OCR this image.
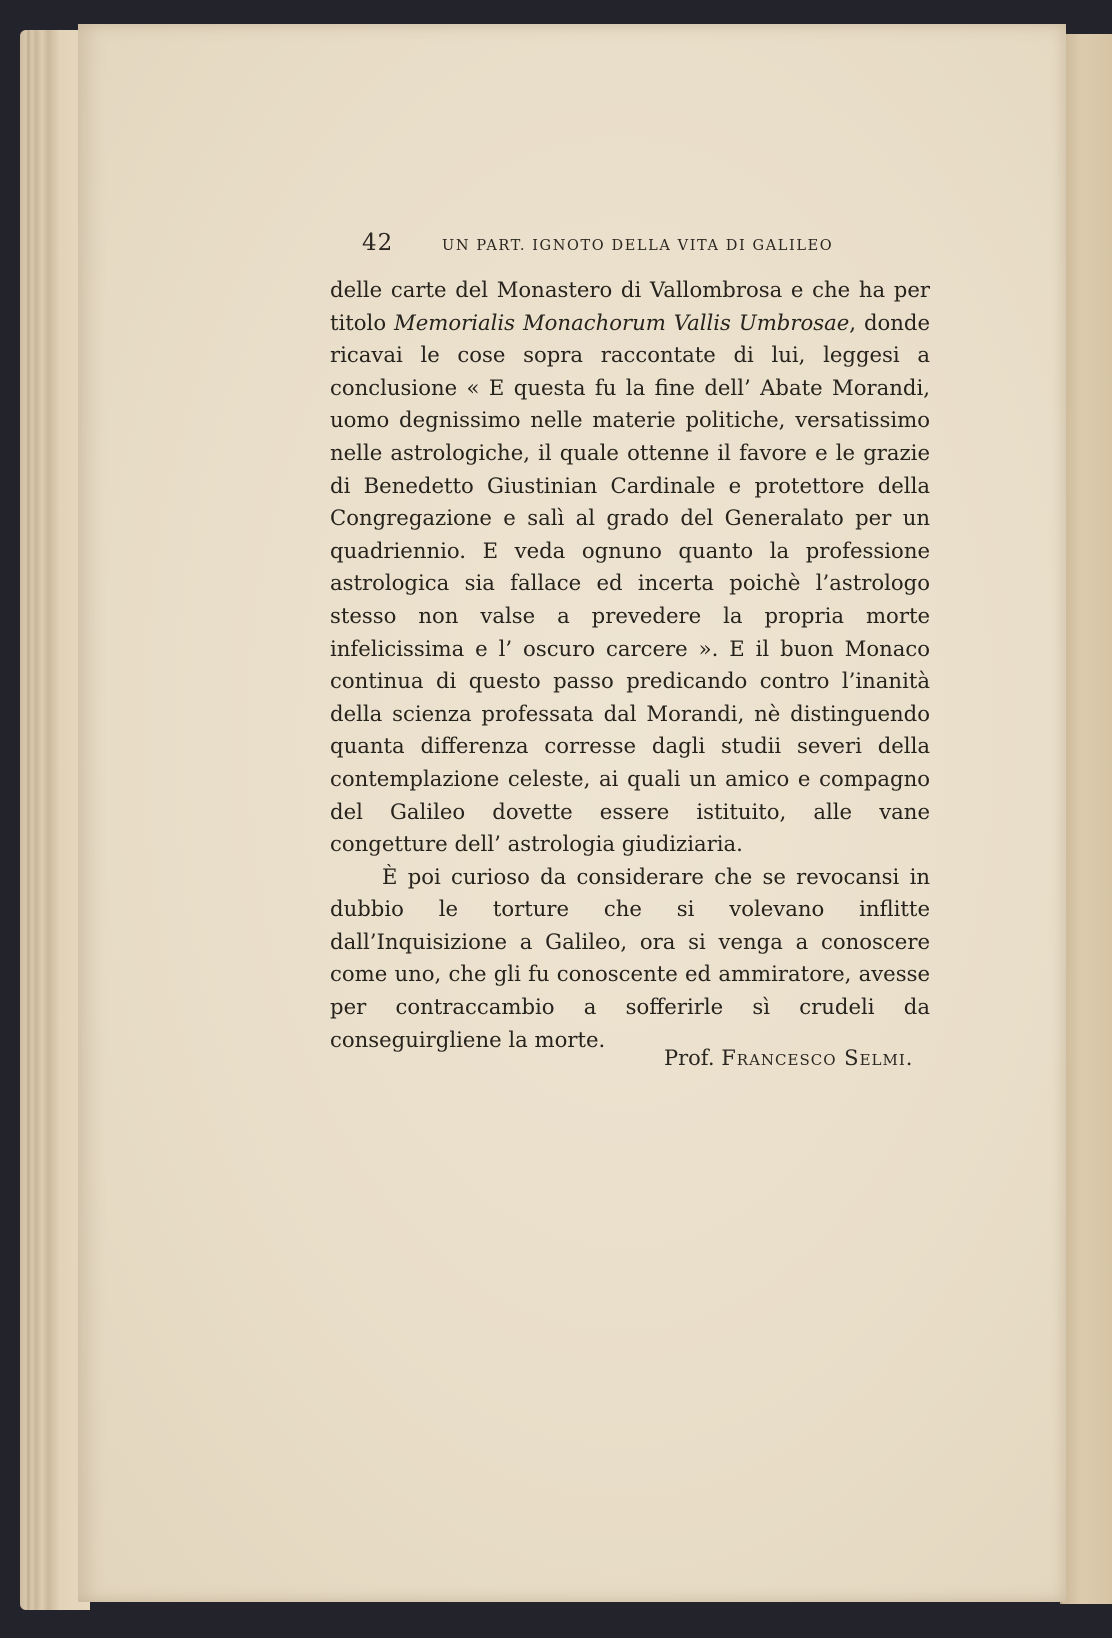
42	UN PART. IGNOTO DELLA VITA DI GALILEO

delle carte del Monastero di Vallombrosa e che ha per titolo Memorialis Monachorum Vallis Umbrosae, donde ricavai le cose sopra raccontate di lui, leggesi a conclusione « E questa fu la fine dell’ Abate Morandi, uomo degnissimo nelle materie politiche, versatissimo nelle astrologiche, il quale ottenne il favore e le grazie di Benedetto Giustinian Cardinale e protettore della Congregazione e salì al grado del Generalato per un quadriennio. E veda ognuno quanto la professione astrologica sia fallace ed incerta poichè l’astrologo stesso non valse a prevedere la propria morte infelicissima e l’ oscuro carcere ». E il buon Monaco continua di questo passo predicando contro l’inanità della scienza professata dal Morandi, nè distinguendo quanta differenza corresse dagli studii severi della contemplazione celeste, ai quali un amico e compagno del Galileo dovette essere istituito, alle vane congetture dell’ astrologia giudiziaria.

È poi curioso da considerare che se revocansi in dubbio le torture che si volevano inflitte dall’Inquisizione a Galileo, ora si venga a conoscere come uno, che gli fu conoscente ed ammiratore, avesse per contraccambio a sofferirle sì crudeli da conseguirgliene la morte.

Prof. Francesco Selmi.
